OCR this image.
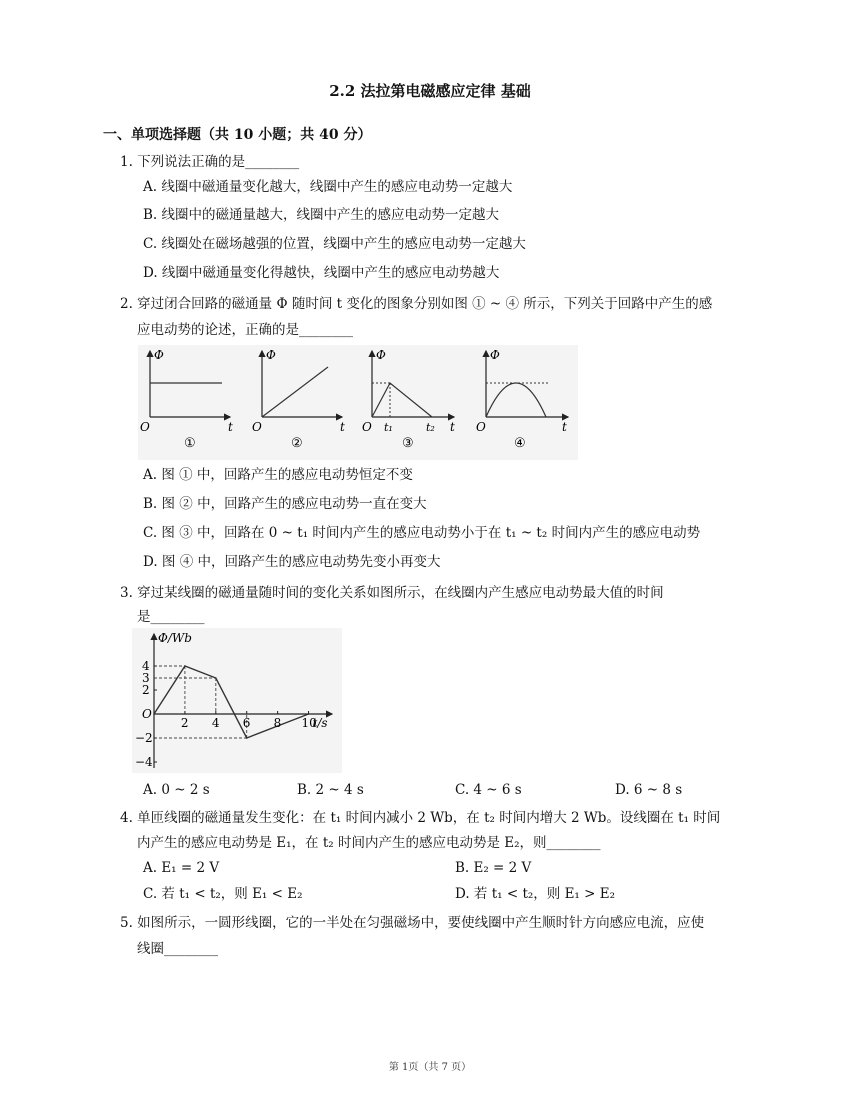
2.2 法拉第电磁感应定律 基础
一、单项选择题（共 10 小题；共 40 分）
1. 下列说法正确的是________
A. 线圈中磁通量变化越大，线圈中产生的感应电动势一定越大
B. 线圈中的磁通量越大，线圈中产生的感应电动势一定越大
C. 线圈处在磁场越强的位置，线圈中产生的感应电动势一定越大
D. 线圈中磁通量变化得越快，线圈中产生的感应电动势越大
2. 穿过闭合回路的磁通量 Φ 随时间 t 变化的图象分别如图 ① ~ ④ 所示，下列关于回路中产生的感
应电动势的论述，正确的是________
Φ
O	t
①
Φ
O	t
②
Φ
O t₁	t₂ t
③
Φ
O	t
④
A. 图 ① 中，回路产生的感应电动势恒定不变
B. 图 ② 中，回路产生的感应电动势一直在变大
C. 图 ③ 中，回路在 0 ~ t₁ 时间内产生的感应电动势小于在 t₁ ~ t₂ 时间内产生的感应电动势
D. 图 ④ 中，回路产生的感应电动势先变小再变大
3. 穿过某线圈的磁通量随时间的变化关系如图所示，在线圈内产生感应电动势最大值的时间
是________
Φ/Wb
t/s
O
2 4 6 8 10
4
2
−2
−4
3
A. 0 ~ 2 s	B. 2 ~ 4 s	C. 4 ~ 6 s	D. 6 ~ 8 s
4. 单匝线圈的磁通量发生变化：在 t₁ 时间内减小 2 Wb，在 t₂ 时间内增大 2 Wb。设线圈在 t₁ 时间
内产生的感应电动势是 E₁，在 t₂ 时间内产生的感应电动势是 E₂，则________
A. E₁ = 2 V	B. E₂ = 2 V
C. 若 t₁ < t₂，则 E₁ < E₂	D. 若 t₁ < t₂，则 E₁ > E₂
5. 如图所示，一圆形线圈，它的一半处在匀强磁场中，要使线圈中产生顺时针方向感应电流，应使
线圈________
第 1页（共 7 页）
